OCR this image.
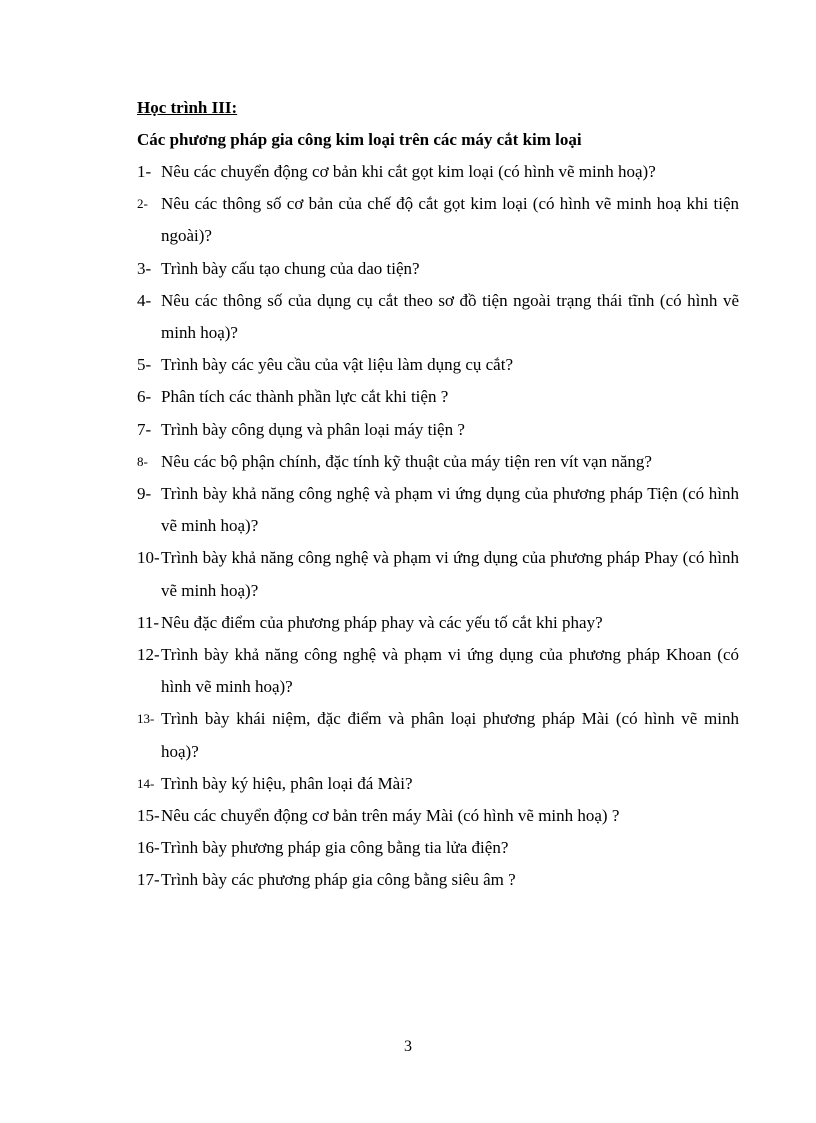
Học trình III:
Các phương pháp gia công kim loại trên các máy cắt kim loại
1- Nêu các chuyển động cơ bản khi cắt gọt kim loại (có hình vẽ minh hoạ)?
2- Nêu các thông số cơ bản của chế độ cắt gọt kim loại (có hình vẽ minh hoạ khi tiện ngoài)?
3- Trình bày cấu tạo chung của dao tiện?
4- Nêu các thông số của dụng cụ cắt theo sơ đồ tiện ngoài trạng thái tĩnh (có hình vẽ minh hoạ)?
5- Trình bày các yêu cầu của vật liệu làm dụng cụ cắt?
6- Phân tích các thành phần lực cắt khi tiện ?
7- Trình bày công dụng và phân loại máy tiện ?
8- Nêu các bộ phận chính, đặc tính kỹ thuật của máy tiện ren vít vạn năng?
9- Trình bày khả năng công nghệ và phạm vi ứng dụng của phương pháp Tiện (có hình vẽ minh hoạ)?
10- Trình bày khả năng công nghệ và phạm vi ứng dụng của phương pháp Phay (có hình vẽ minh hoạ)?
11- Nêu đặc điểm của phương pháp phay và các yếu tố cắt khi phay?
12- Trình bày khả năng công nghệ và phạm vi ứng dụng của phương pháp Khoan (có hình vẽ minh hoạ)?
13- Trình bày khái niệm, đặc điểm và phân loại phương pháp Mài (có hình vẽ minh hoạ)?
14- Trình bày ký hiệu, phân loại đá Mài?
15- Nêu các chuyển động cơ bản trên máy Mài (có hình vẽ minh hoạ) ?
16- Trình bày phương pháp gia công bằng tia lửa điện?
17- Trình bày các phương pháp gia công bằng siêu âm ?
3
